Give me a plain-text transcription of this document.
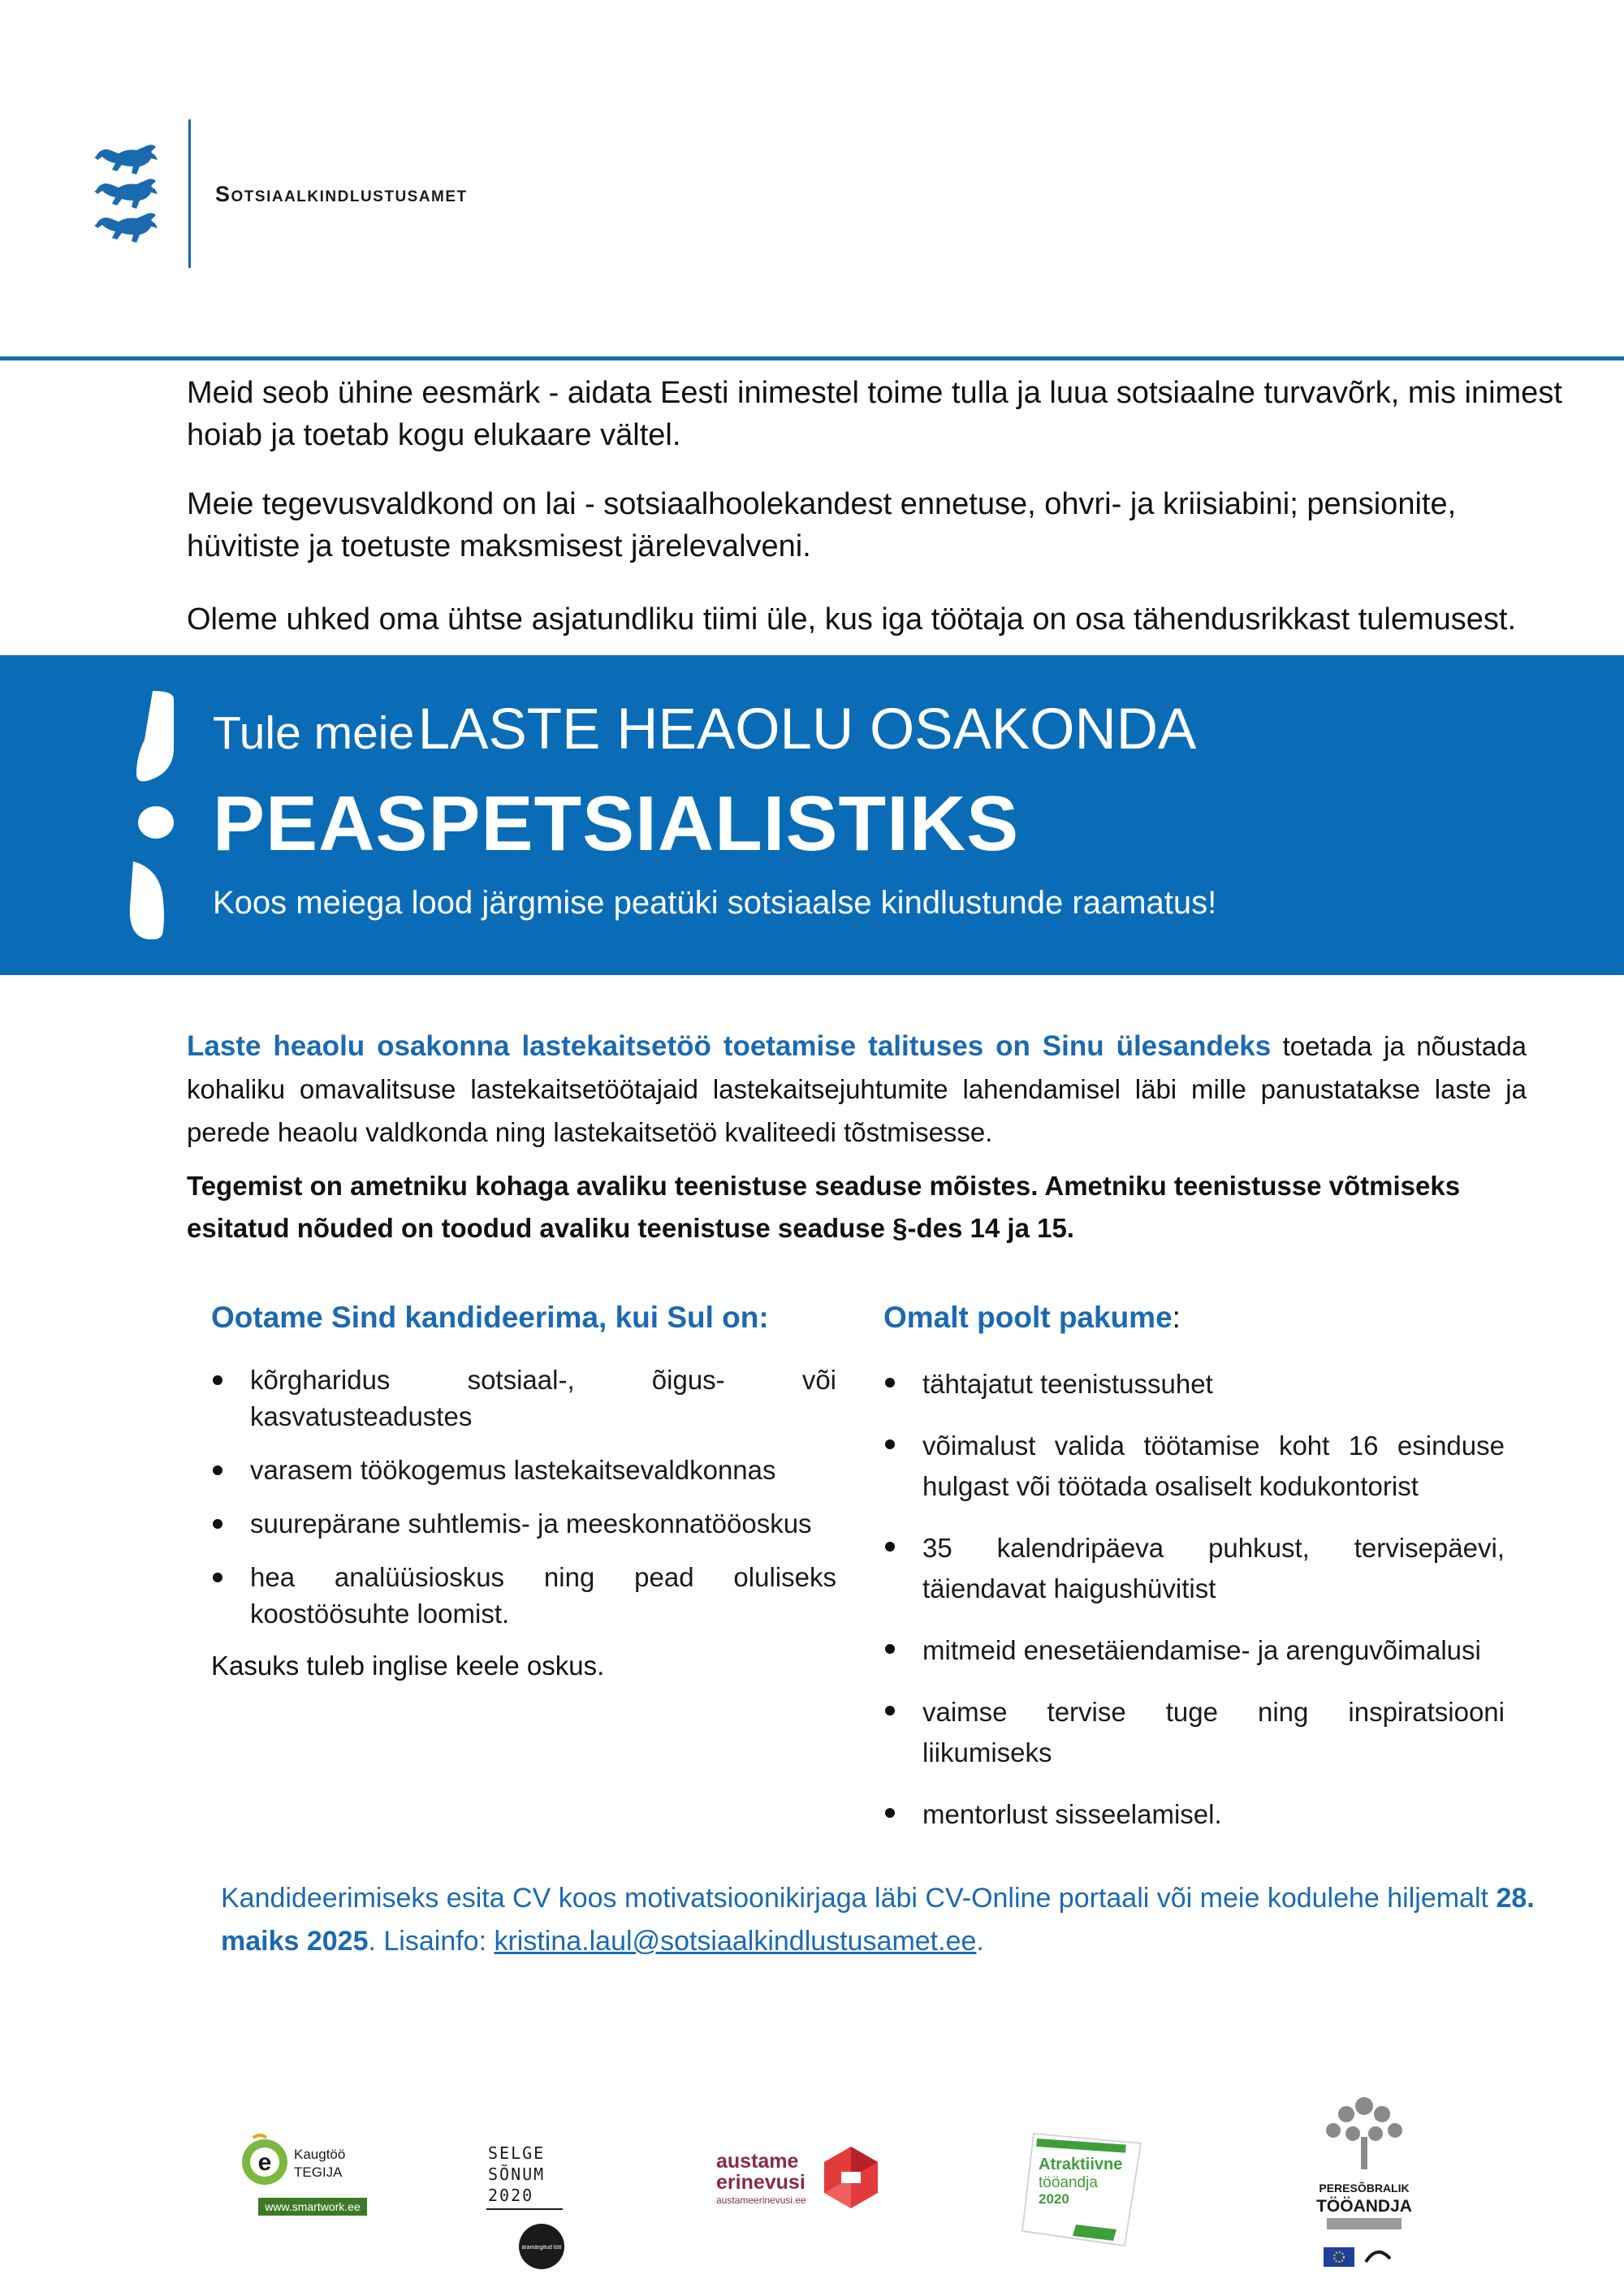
Sotsiaalkindlustusamet

Meid seob ühine eesmärk - aidata Eesti inimestel toime tulla ja luua sotsiaalne turvavõrk, mis inimest hoiab ja toetab kogu elukaare vältel.

Meie tegevusvaldkond on lai - sotsiaalhoolekandest ennetuse, ohvri- ja kriisiabini; pensionite, hüvitiste ja toetuste maksmisest järelevalveni.

Oleme uhked oma ühtse asjatundliku tiimi üle, kus iga töötaja on osa tähendusrikkast tulemusest.

Tule meie LASTE HEAOLU OSAKONDA
PEASPETSIALISTIKS
Koos meiega lood järgmise peatüki sotsiaalse kindlustunde raamatus!

Laste heaolu osakonna lastekaitsetöö toetamise talituses on Sinu ülesandeks toetada ja nõustada kohaliku omavalitsuse lastekaitsetöötajaid lastekaitsejuhtumite lahendamisel läbi mille panustatakse laste ja perede heaolu valdkonda ning lastekaitsetöö kvaliteedi tõstmisesse.

Tegemist on ametniku kohaga avaliku teenistuse seaduse mõistes. Ametniku teenistusse võtmiseks esitatud nõuded on toodud avaliku teenistuse seaduse §-des 14 ja 15.

Ootame Sind kandideerima, kui Sul on:
kõrgharidus sotsiaal-, õigus- või kasvatusteadustes
varasem töökogemus lastekaitsevaldkonnas
suurepärane suhtlemis- ja meeskonnatööoskus
hea analüüsioskus ning pead oluliseks koostöösuhte loomist.
Kasuks tuleb inglise keele oskus.
Omalt poolt pakume:
tähtajatut teenistussuhet
võimalust valida töötamise koht 16 esinduse hulgast või töötada osaliselt kodukontorist
35 kalendripäeva puhkust, tervisepäevi, täiendavat haigushüvitist
mitmeid enesetäiendamise- ja arenguvõimalusi
vaimse tervise tuge ning inspiratsiooni liikumiseks
mentorlust sisseelamisel.

Kandideerimiseks esita CV koos motivatsioonikirjaga läbi CV-Online portaali või meie kodulehe hiljemalt 28. maiks 2025. Lisainfo: kristina.laul@sotsiaalkindlustusamet.ee.

e Kaugtöö
TEGIJA
www.smartwork.ee
SELGE
SÕNUM
2020
äramärgitud töö
austame
erinevusi
austameerinevusi.ee
Atraktiivne
tööandja
2020
PERESÕBRALIK
TÖÖANDJA
